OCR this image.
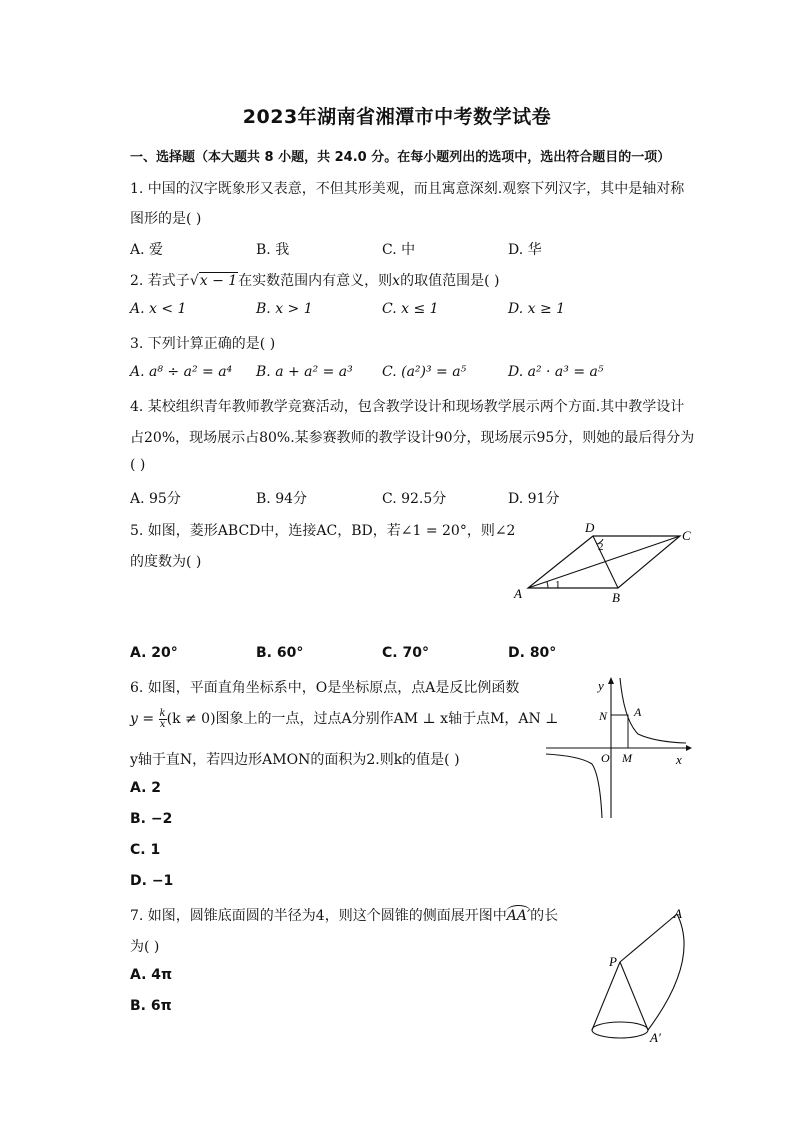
2023年湖南省湘潭市中考数学试卷
一、选择题（本大题共 8 小题，共 24.0 分。在每小题列出的选项中，选出符合题目的一项）
1. 中国的汉字既象形又表意，不但其形美观，而且寓意深刻.观察下列汉字，其中是轴对称
图形的是( )
A. 爱	B. 我	C. 中	D. 华
2. 若式子√x − 1在实数范围内有意义，则x的取值范围是( )
A. x < 1	B. x > 1	C. x ≤ 1	D. x ≥ 1
3. 下列计算正确的是( )
A. a⁸ ÷ a² = a⁴ B. a + a² = a³ C. (a²)³ = a⁵	D. a² · a³ = a⁵
4. 某校组织青年教师教学竞赛活动，包含教学设计和现场教学展示两个方面.其中教学设计
占20%，现场展示占80%.某参赛教师的教学设计90分，现场展示95分，则她的最后得分为
( )
A. 95分	B. 94分	C. 92.5分	D. 91分
5. 如图，菱形ABCD中，连接AC，BD，若∠1 = 20°，则∠2
的度数为( )
D
C
A	B
1
2
A. 20°	B. 60°	C. 70°	D. 80°
6. 如图，平面直角坐标系中，O是坐标原点，点A是反比例函数
$y = \frac{k}{x} (k \ne 0)$图象上的一点，过点A分别作AM ⊥ x轴于点M，AN ⊥
y轴于直N，若四边形AMON的面积为2.则k的值是( )
A. 2
B. −2
C. 1
D. −1
y
x
N A
O M
7. 如图，圆锥底面圆的半径为4，则这个圆锥的侧面展开图中AA′的长
为( )
A. 4π
B. 6π
A
P
A′
